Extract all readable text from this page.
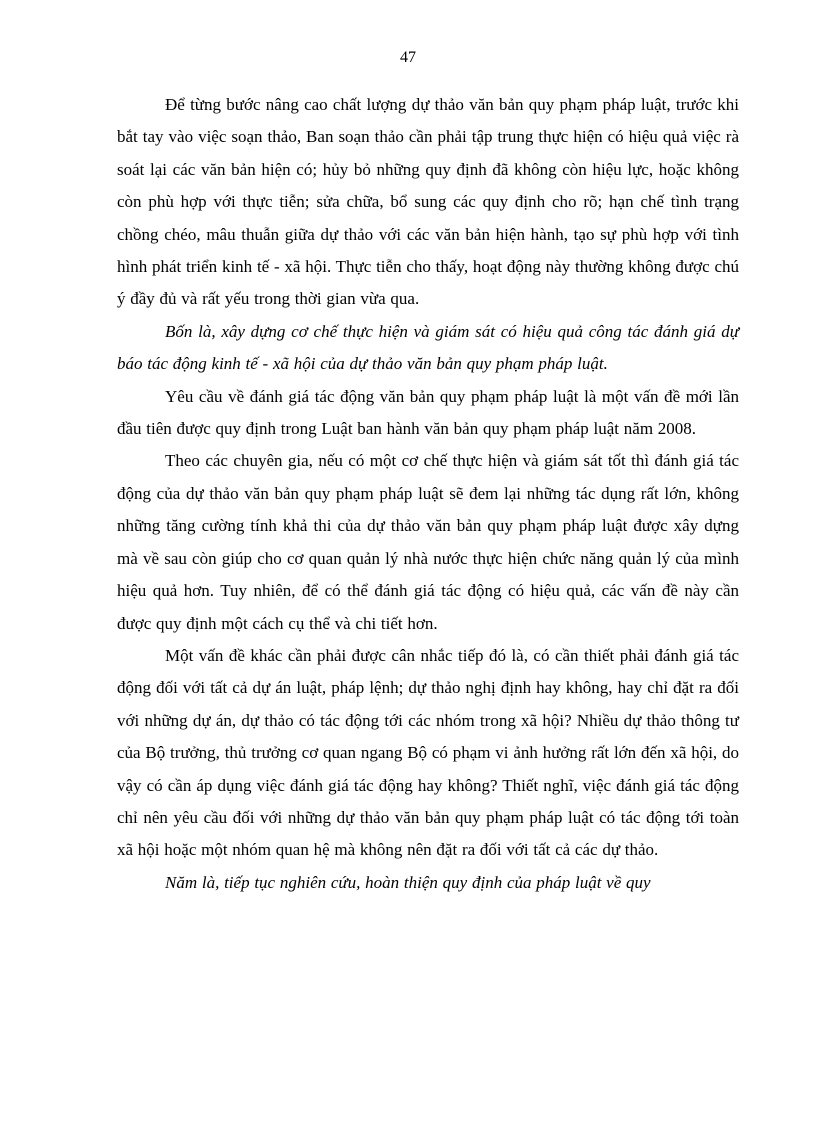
47

Để từng bước nâng cao chất lượng dự thảo văn bản quy phạm pháp luật, trước khi bắt tay vào việc soạn thảo, Ban soạn thảo cần phải tập trung thực hiện có hiệu quả việc rà soát lại các văn bản hiện có; hủy bỏ những quy định đã không còn hiệu lực, hoặc không còn phù hợp với thực tiễn; sửa chữa, bổ sung các quy định cho rõ; hạn chế tình trạng chồng chéo, mâu thuẫn giữa dự thảo với các văn bản hiện hành, tạo sự phù hợp với tình hình phát triển kinh tế - xã hội. Thực tiễn cho thấy, hoạt động này thường không được chú ý đầy đủ và rất yếu trong thời gian vừa qua.

Bốn là, xây dựng cơ chế thực hiện và giám sát có hiệu quả công tác đánh giá dự báo tác động kinh tế - xã hội của dự thảo văn bản quy phạm pháp luật.

Yêu cầu về đánh giá tác động văn bản quy phạm pháp luật là một vấn đề mới lần đầu tiên được quy định trong Luật ban hành văn bản quy phạm pháp luật năm 2008.

Theo các chuyên gia, nếu có một cơ chế thực hiện và giám sát tốt thì đánh giá tác động của dự thảo văn bản quy phạm pháp luật sẽ đem lại những tác dụng rất lớn, không những tăng cường tính khả thi của dự thảo văn bản quy phạm pháp luật được xây dựng mà về sau còn giúp cho cơ quan quản lý nhà nước thực hiện chức năng quản lý của mình hiệu quả hơn. Tuy nhiên, để có thể đánh giá tác động có hiệu quả, các vấn đề này cần được quy định một cách cụ thể và chi tiết hơn.

Một vấn đề khác cần phải được cân nhắc tiếp đó là, có cần thiết phải đánh giá tác động đối với tất cả dự án luật, pháp lệnh; dự thảo nghị định hay không, hay chỉ đặt ra đối với những dự án, dự thảo có tác động tới các nhóm trong xã hội? Nhiều dự thảo thông tư của Bộ trưởng, thủ trưởng cơ quan ngang Bộ có phạm vi ảnh hưởng rất lớn đến xã hội, do vậy có cần áp dụng việc đánh giá tác động hay không? Thiết nghĩ, việc đánh giá tác động chỉ nên yêu cầu đối với những dự thảo văn bản quy phạm pháp luật có tác động tới toàn xã hội hoặc một nhóm quan hệ mà không nên đặt ra đối với tất cả các dự thảo.

Năm là, tiếp tục nghiên cứu, hoàn thiện quy định của pháp luật về quy
